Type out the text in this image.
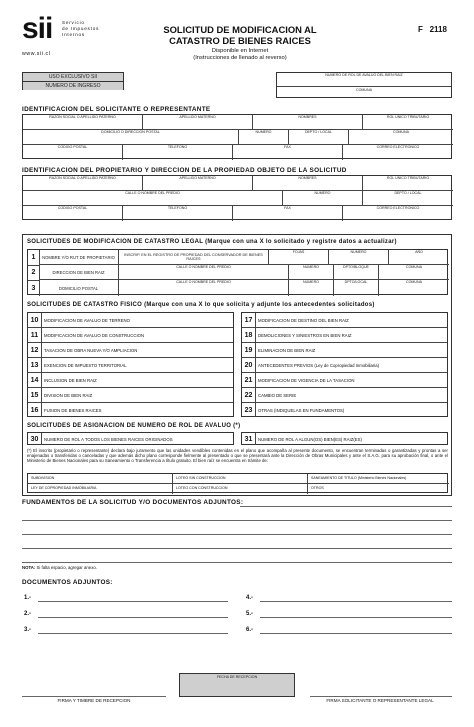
sii Servicio
de Impuestos
Internos
www.sii.cl
SOLICITUD DE MODIFICACION AL
CATASTRO DE BIENES RAICES
Disponible en Internet
(Instrucciones de llenado al reverso)
F 2118
USO EXCLUSIVO SII
NUMERO DE INGRESO
NUMERO DE ROL DE AVALUO DEL BIEN RAIZ
COMUNA
IDENTIFICACION DEL SOLICITANTE O REPRESENTANTE
RAZON SOCIAL O APELLIDO PATERNO	APELLIDO MATERNO	NOMBRES	ROL UNICO TRIBUTARIO
DOMICILIO O DIRECCION POSTAL	NUMERO	DEPTO / LOCAL	COMUNA
CODIGO POSTAL	TELEFONO	FAX	CORREO ELECTRONICO
IDENTIFICACION DEL PROPIETARIO Y DIRECCION DE LA PROPIEDAD OBJETO DE LA SOLICITUD
RAZON SOCIAL O APELLIDO PATERNO	APELLIDO MATERNO	NOMBRES	ROL UNICO TRIBUTARIO
CALLE O NOMBRE DEL PREDIO	NUMERO	DEPTO / LOCAL
CODIGO POSTAL	TELEFONO	FAX	CORREO ELECTRONICO
SOLICITUDES DE MODIFICACION DE CATASTRO LEGAL (Marque con una X lo solicitado y registre datos a actualizar)
1	NOMBRE Y/O RUT DE PROPIETARIO	INSCRIP. EN EL REGISTRO DE PROPIEDAD DEL CONSERVADOR DE BIENES RAICES
FOJAS	NUMERO	AÑO
2	DIRECCION DE BIEN RAIZ
CALLE O NOMBRE DEL PREDIO	NUMERO	DPTO/BLOQUE	COMUNA
3	DOMICILIO POSTAL
CALLE O NOMBRE DEL PREDIO	NUMERO	DPTO/LOCAL	COMUNA
SOLICITUDES DE CATASTRO FISICO (Marque con una X lo que solicita y adjunte los antecedentes solicitados)
10	MODIFICACION DE AVALUO DE TERRENO
11	MODIFICACION DE AVALUO DE CONSTRUCCION
12	TASACION DE OBRA NUEVA Y/O AMPLIACION
13	EXENCION DE IMPUESTO TERRITORIAL
14	INCLUSION DE BIEN RAIZ
15	DIVISION DE BIEN RAIZ
16	FUSION DE BIENES RAICES
17	MODIFICACION DE DESTINO DEL BIEN RAIZ
18	DEMOLICIONES Y SINIESTROS EN BIEN RAIZ
19	ELIMINACION DE BIEN RAIZ
20	ANTECEDENTES PREVIOS (Ley de Copropiedad Inmobiliaria)
21	MODIFICACION DE VIGENCIA DE LA TASACION
22	CAMBIO DE SERIE
23	OTRAS (INDIQUELAS EN FUNDAMENTOS)
SOLICITUDES DE ASIGNACION DE NUMERO DE ROL DE AVALUO (*)
30	NUMERO DE ROL A TODOS LOS BIENES RAICES ORIGINADOS	31	NUMERO DE ROL A ALGUN(OS) BIEN(ES) RAIZ(ES)
(*) El inscrito (propietario o representante) declara bajo juramento que las unidades vendibles contenidas en el plano que acompaña al presente documento, se encuentran terminadas o garantizadas y prontas a ser enajenadas o transferidas o canceladas y que además dicho plano corresponde fielmente al presentado o que se presentará ante la Dirección de Obras Municipales y ante el S.A.G. para su aprobación final, o ante el Ministerio de Bienes Nacionales para su Saneamiento o Transferencia a título gratuito. El bien raíz se encuentra en trámite de:
SUBDIVISION	LOTEO SIN CONSTRUCCION	SANEAMIENTO DE TITULO (Ministerio Bienes Nacionales)
LEY DE COPROPIEDAD INMOBILIARIA	LOTEO CON CONSTRUCCION	OTROS
FUNDAMENTOS DE LA SOLICITUD Y/O DOCUMENTOS ADJUNTOS:
NOTA: Si falta espacio, agregar anexo.
DOCUMENTOS ADJUNTOS:
1.-
2.-
3.-
4.-
5.-
6.-
FECHA DE RECEPCION
FIRMA Y TIMBRE DE RECEPCION	FIRMA SOLICITANTE O REPRESENTANTE LEGAL
